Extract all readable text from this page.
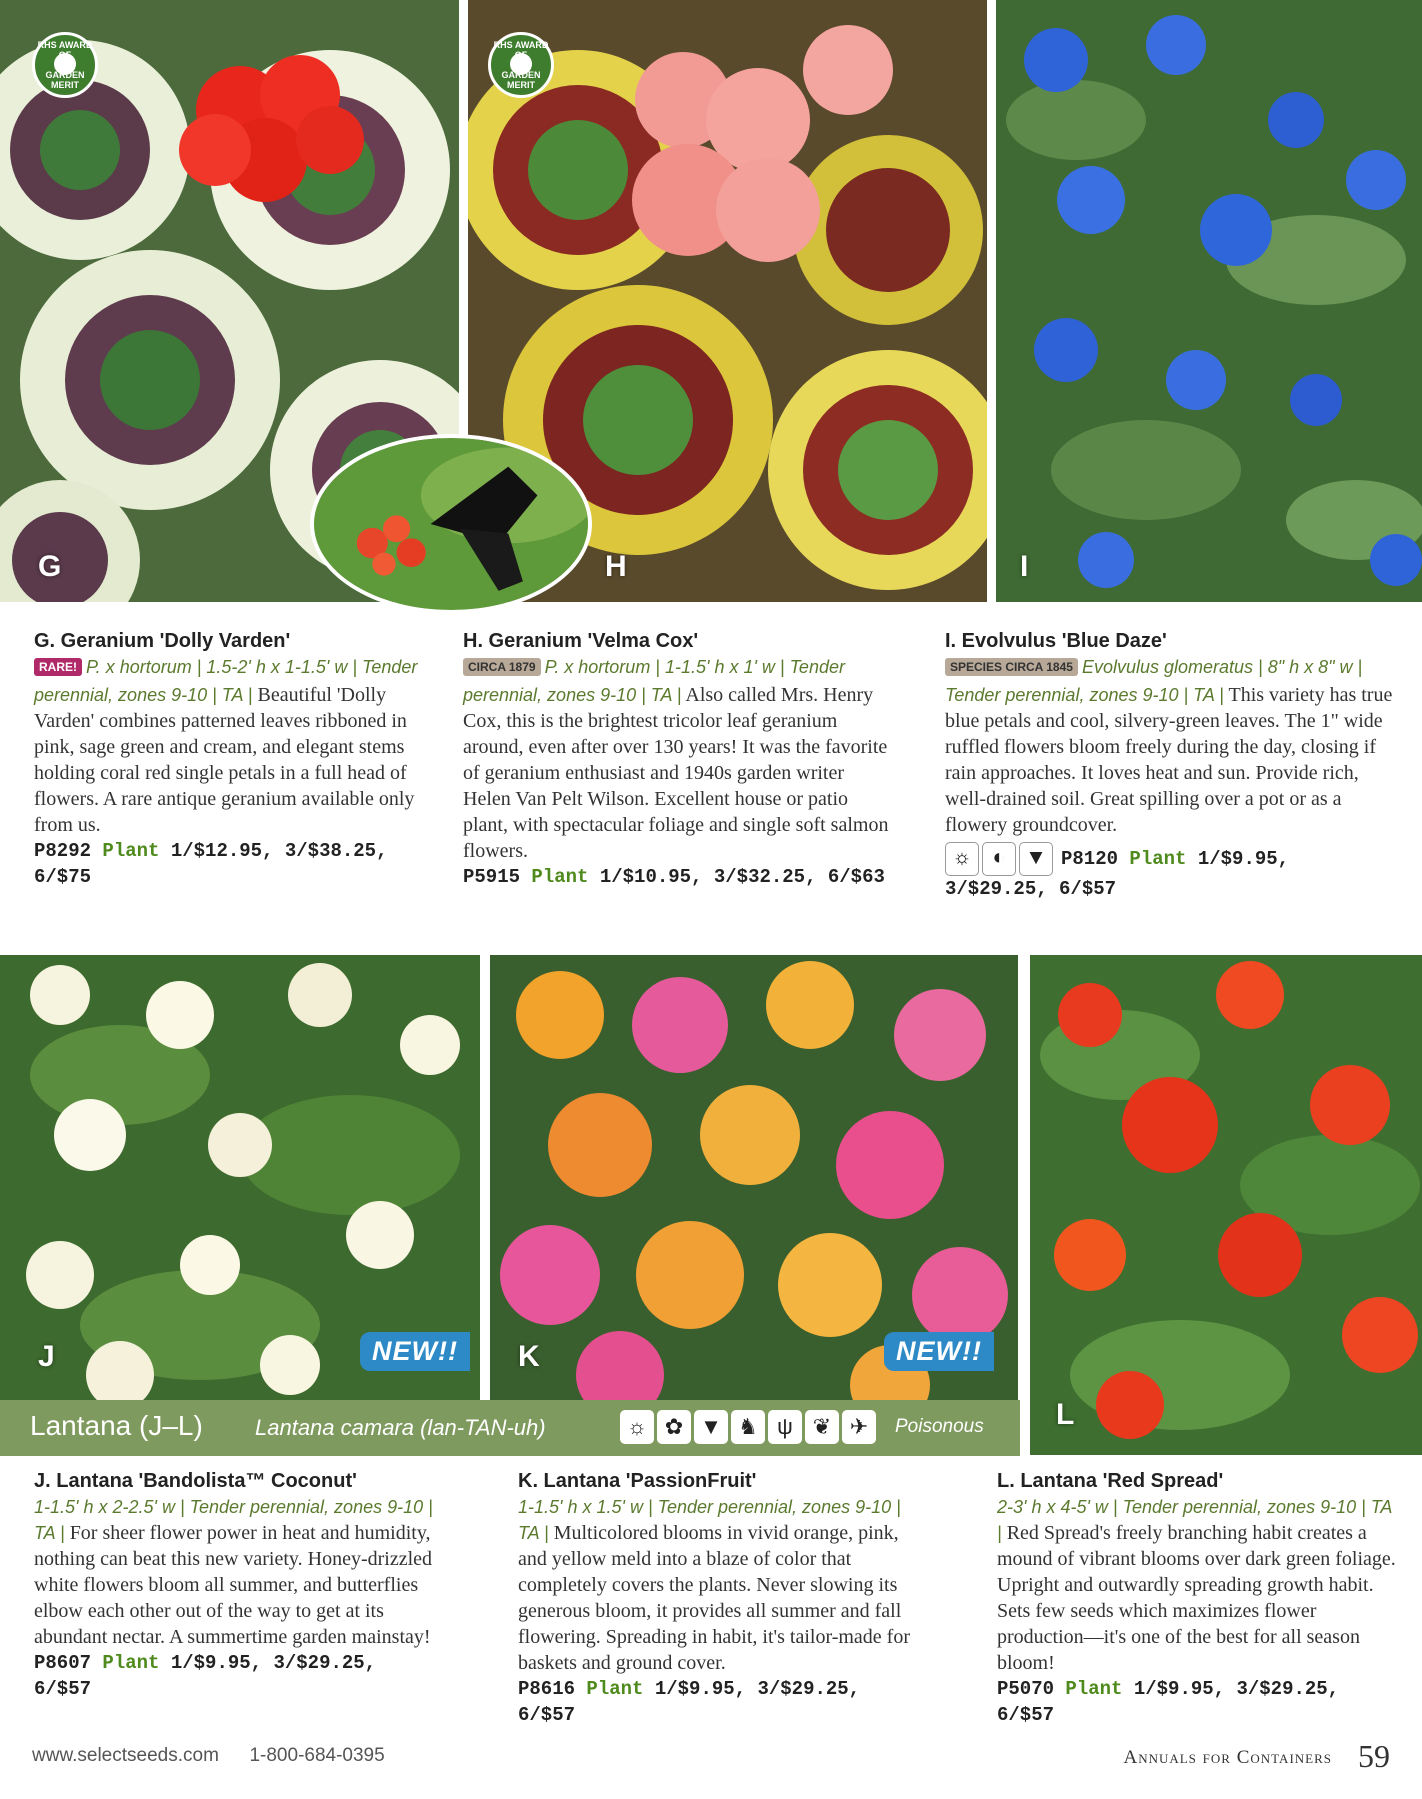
RHS AWARD
GARDEN MERIT
G
RHS AWARD
GARDEN MERIT
H	I
G. Geranium 'Dolly Varden'
RARE! P. x hortorum | 1.5-2' h x 1-1.5' w | Tender perennial, zones 9-10 | TA | Beautiful 'Dolly Varden' combines patterned leaves ribboned in pink, sage green and cream, and elegant stems holding coral red single petals in a full head of flowers. A rare antique geranium available only from us.
P8292 Plant 1/$12.95, 3/$38.25, 6/$75
H. Geranium 'Velma Cox'
CIRCA 1879 P. x hortorum | 1-1.5' h x 1' w | Tender perennial, zones 9-10 | TA | Also called Mrs. Henry Cox, this is the brightest tricolor leaf geranium around, even after over 130 years! It was the favorite of geranium enthusiast and 1940s garden writer Helen Van Pelt Wilson. Excellent house or patio plant, with spectacular foliage and single soft salmon flowers.
P5915 Plant 1/$10.95, 3/$32.25, 6/$63
I. Evolvulus 'Blue Daze'
SPECIES CIRCA 1845 Evolvulus glomeratus | 8" h x 8" w | Tender perennial, zones 9-10 | TA | This variety has true blue petals and cool, silvery-green leaves. The 1" wide ruffled flowers bloom freely during the day, closing if rain approaches. It loves heat and sun. Provide rich, well-drained soil. Great spilling over a pot or as a flowery groundcover.
☼	◐	▼ P8120 Plant 1/$9.95, 3/$29.25, 6/$57
NEW!!
J	NEW!!
K
L
Lantana (J–L) Lantana camara (lan-TAN-uh)	☼ ✿ ▼ ♞ ψ ❦ ✈	Poisonous
J. Lantana 'Bandolista™ Coconut'
1-1.5' h x 2-2.5' w | Tender perennial, zones 9-10 | TA | For sheer flower power in heat and humidity, nothing can beat this new variety. Honey-drizzled white flowers bloom all summer, and butterflies elbow each other out of the way to get at its abundant nectar. A summertime garden mainstay!
P8607 Plant 1/$9.95, 3/$29.25, 6/$57
K. Lantana 'PassionFruit'
1-1.5' h x 1.5' w | Tender perennial, zones 9-10 | TA | Multicolored blooms in vivid orange, pink, and yellow meld into a blaze of color that completely covers the plants. Never slowing its generous bloom, it provides all summer and fall flowering. Spreading in habit, it's tailor-made for baskets and ground cover.
P8616 Plant 1/$9.95, 3/$29.25, 6/$57
L. Lantana 'Red Spread'
2-3' h x 4-5' w | Tender perennial, zones 9-10 | TA | Red Spread's freely branching habit creates a mound of vibrant blooms over dark green foliage. Upright and outwardly spreading growth habit. Sets few seeds which maximizes flower production—it's one of the best for all season bloom!
P5070 Plant 1/$9.95, 3/$29.25, 6/$57
www.selectseeds.com 1-800-684-0395	Annuals for Containers 59
